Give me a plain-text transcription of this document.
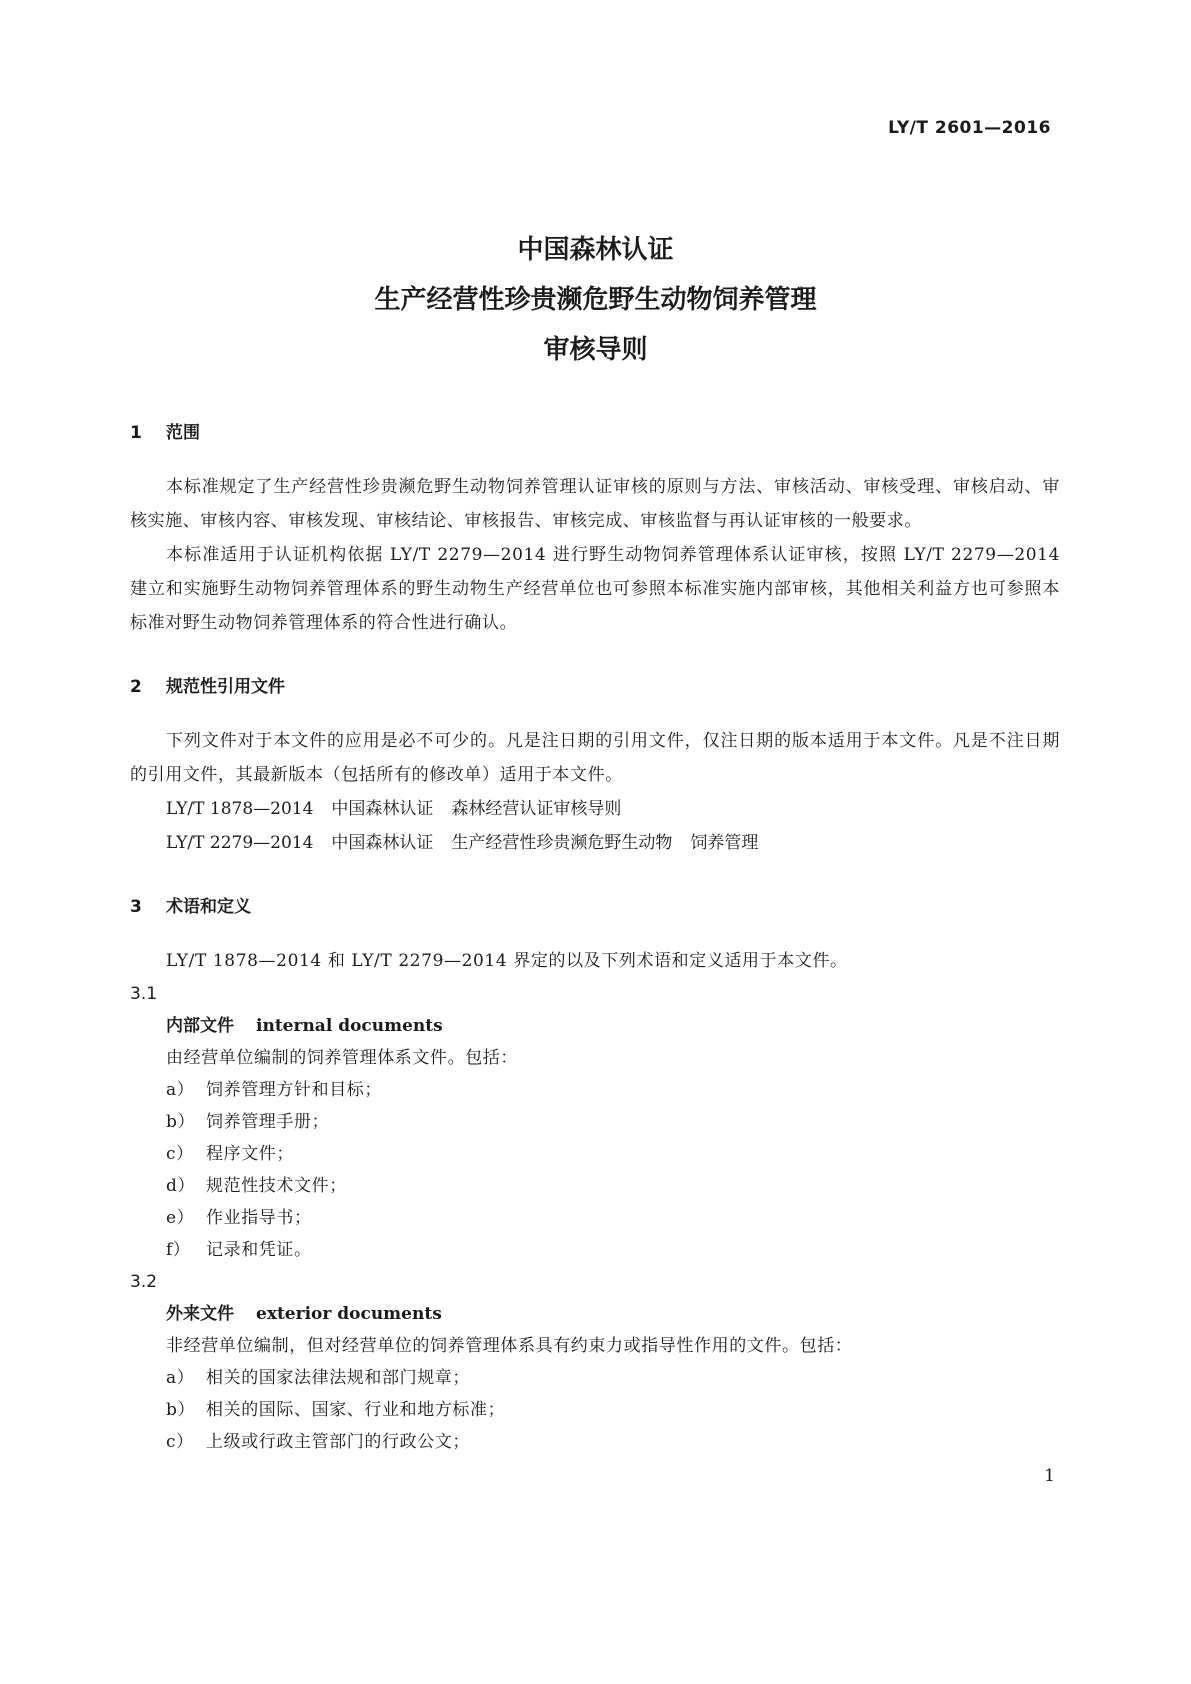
LY/T 2601—2016
中国森林认证
生产经营性珍贵濒危野生动物饲养管理
审核导则
1 范围
本标准规定了生产经营性珍贵濒危野生动物饲养管理认证审核的原则与方法、审核活动、审核受理、审核启动、审核实施、审核内容、审核发现、审核结论、审核报告、审核完成、审核监督与再认证审核的一般要求。
本标准适用于认证机构依据 LY/T 2279—2014 进行野生动物饲养管理体系认证审核，按照 LY/T 2279—2014 建立和实施野生动物饲养管理体系的野生动物生产经营单位也可参照本标准实施内部审核，其他相关利益方也可参照本标准对野生动物饲养管理体系的符合性进行确认。
2 规范性引用文件
下列文件对于本文件的应用是必不可少的。凡是注日期的引用文件，仅注日期的版本适用于本文件。凡是不注日期的引用文件，其最新版本（包括所有的修改单）适用于本文件。
LY/T 1878—2014 中国森林认证 森林经营认证审核导则
LY/T 2279—2014 中国森林认证 生产经营性珍贵濒危野生动物 饲养管理
3 术语和定义
LY/T 1878—2014 和 LY/T 2279—2014 界定的以及下列术语和定义适用于本文件。
3.1
内部文件 internal documents
由经营单位编制的饲养管理体系文件。包括：
a） 饲养管理方针和目标；
b） 饲养管理手册；
c） 程序文件；
d） 规范性技术文件；
e） 作业指导书；
f） 记录和凭证。
3.2
外来文件 exterior documents
非经营单位编制，但对经营单位的饲养管理体系具有约束力或指导性作用的文件。包括：
a） 相关的国家法律法规和部门规章；
b） 相关的国际、国家、行业和地方标准；
c） 上级或行政主管部门的行政公文；
1
